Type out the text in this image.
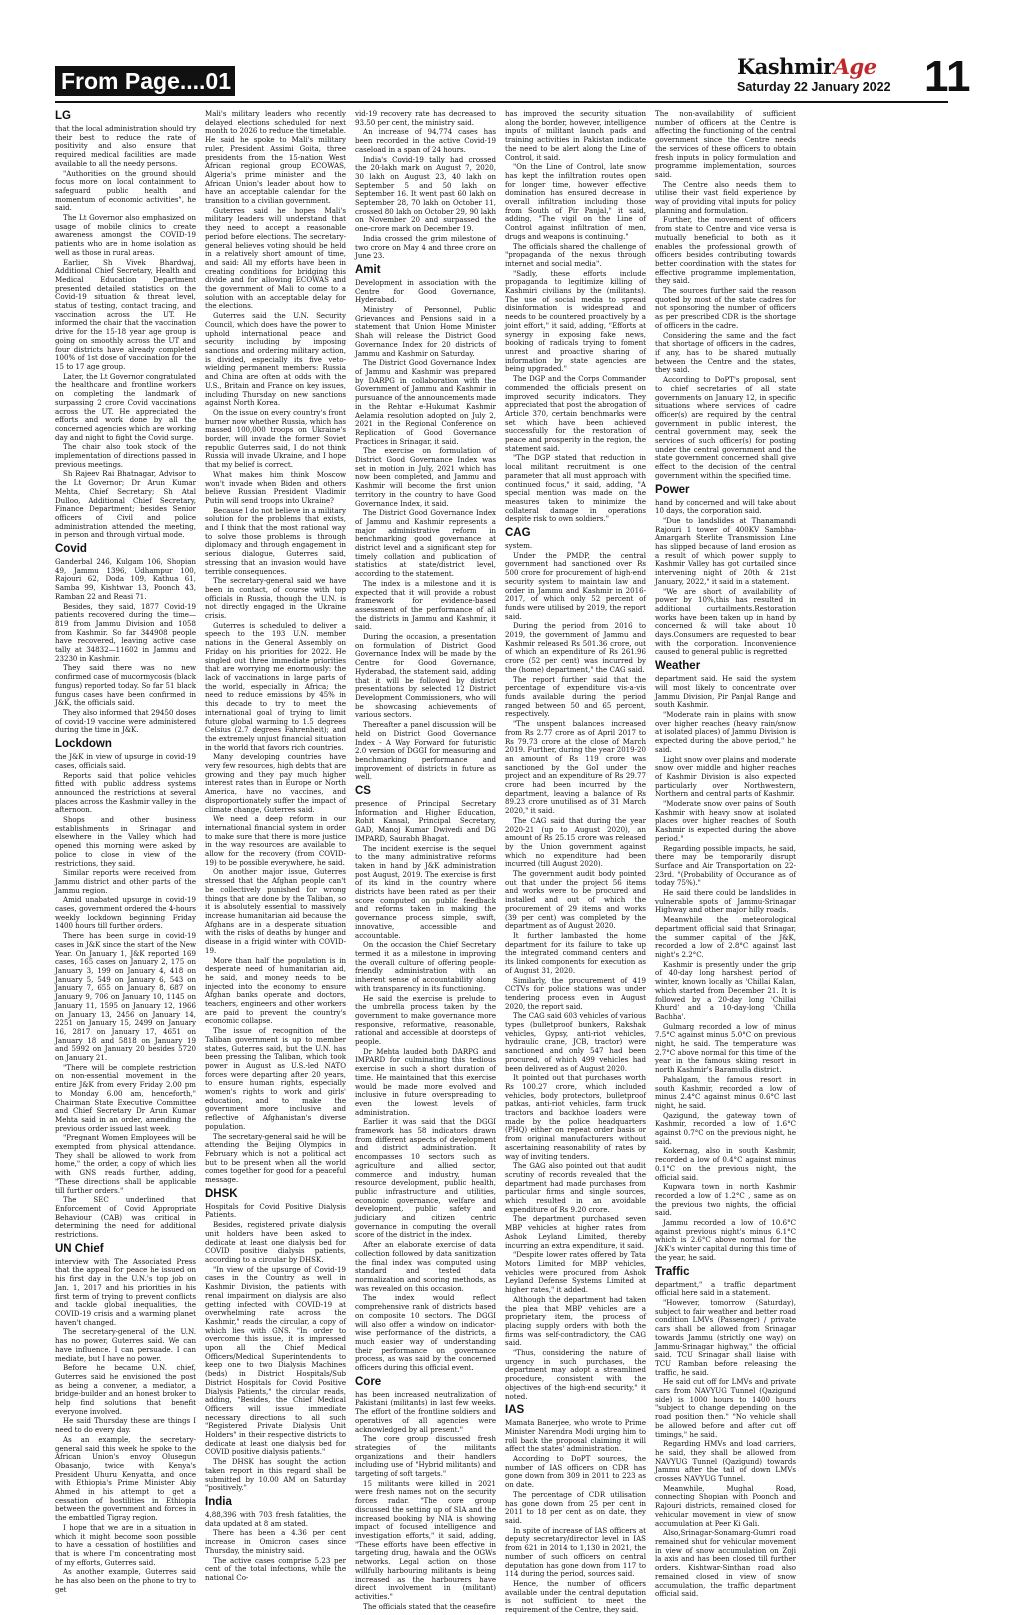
From Page....01
KashmirAge
Saturday 22 January 2022 11
LG

that the local administration should try their best to reduce the rate of positivity and also ensure that required medical facilities are made available to all the needy persons.

"Authorities on the ground should focus more on local containment to safeguard public health and momentum of economic activities", he said.

The Lt Governor also emphasized on usage of mobile clinics to create awareness amongst the COVID-19 patients who are in home isolation as well as those in rural areas.

Earlier, Sh Vivek Bhardwaj, Additional Chief Secretary, Health and Medical Education Department presented detailed statistics on the Covid-19 situation & threat level, status of testing, contact tracing, and vaccination across the UT. He informed the chair that the vaccination drive for the 15-18 year age group is going on smoothly across the UT and four districts have already completed 100% of 1st dose of vaccination for the 15 to 17 age group.

Later, the Lt Governor congratulated the healthcare and frontline workers on completing the landmark of surpassing 2 crore Covid vaccinations across the UT. He appreciated the efforts and work done by all the concerned agencies which are working day and night to fight the Covid surge.

The chair also took stock of the implementation of directions passed in previous meetings.

Sh Rajeev Rai Bhatnagar, Advisor to the Lt Governor; Dr Arun Kumar Mehta, Chief Secretary; Sh Atal Dulloo, Additional Chief Secretary, Finance Department; besides Senior officers of Civil and police administration attended the meeting, in person and through virtual mode.

Covid

Ganderbal 246, Kulgam 106, Shopian 49, Jammu 1396, Udhampur 100, Rajouri 62, Doda 109, Kathua 61, Samba 99, Kishtwar 13, Poonch 43, Ramban 22 and Reasi 71.

Besides, they said, 1877 Covid-19 patients recovered during the time—819 from Jammu Division and 1058 from Kashmir. So far 344908 people have recovered, leaving active case tally at 34832—11602 in Jammu and 23230 in Kashmir.

They said there was no new confirmed case of mucormycosis (black fungus) reported today. So far 51 black fungus cases have been confirmed in J&K, the officials said.

They also informed that 29450 doses of covid-19 vaccine were administered during the time in J&K.

Lockdown

the J&K in view of upsurge in covid-19 cases, officials said.

Reports said that police vehicles fitted with public address systems announced the restrictions at several places across the Kashmir valley in the afternoon.

Shops and other business establishments in Srinagar and elsewhere in the Valley which had opened this morning were asked by police to close in view of the restrictions, they said.

Similar reports were received from Jammu district and other parts of the Jammu region.

Amid unabated upsurge in covid-19 cases, government ordered the 4-hours weekly lockdown beginning Friday 1400 hours till further orders.

There has been surge in covid-19 cases in J&K since the start of the New Year. On January 1, J&K reported 169 cases, 165 cases on January 2, 175 on January 3, 199 on January 4, 418 on January 5, 549 on January 6, 543 on January 7, 655 on January 8, 687 on January 9, 706 on January 10, 1145 on January 11, 1595 on January 12, 1966 on January 13, 2456 on January 14, 2251 on January 15, 2499 on January 16, 2817 on January 17, 4651 on January 18 and 5818 on January 19 and 5992 on January 20 besides 5720 on January 21.

"There will be complete restriction on non-essential movement in the entire J&K from every Friday 2.00 pm to Monday 6.00 am, henceforth," Chairman State Executive Committee and Chief Secretary Dr Arun Kumar Mehta said in an order, amending the previous order issued last week.

"Pregnant Women Employees will be exempted from physical attendance. They shall be allowed to work from home," the order, a copy of which lies with GNS reads further, adding, "These directions shall be applicable till further orders."

The SEC underlined that Enforcement of Covid Appropriate Behaviour (CAB) was critical in determining the need for additional restrictions.

UN Chief

interview with The Associated Press that the appeal for peace he issued on his first day in the U.N.'s top job on Jan. 1, 2017 and his priorities in his first term of trying to prevent conflicts and tackle global inequalities, the COVID-19 crisis and a warming planet haven't changed.

The secretary-general of the U.N. has no power, Guterres said. We can have influence. I can persuade. I can mediate, but I have no power.

Before he became U.N. chief, Guterres said he envisioned the post as being a convener, a mediator, a bridge-builder and an honest broker to help find solutions that benefit everyone involved.

He said Thursday these are things I need to do every day.

As an example, the secretary-general said this week he spoke to the African Union's envoy Olusegun Obasanjo, twice with Kenya's President Uhuru Kenyatta, and once with Ethiopia's Prime Minister Abiy Ahmed in his attempt to get a cessation of hostilities in Ethiopia between the government and forces in the embattled Tigray region.

I hope that we are in a situation in which it might become soon possible to have a cessation of hostilities and that is where I'm concentrating most of my efforts, Guterres said.

As another example, Guterres said he has also been on the phone to try to get

Mali's military leaders who recently delayed elections scheduled for next month to 2026 to reduce the timetable. He said he spoke to Mali's military ruler, President Assimi Goita, three presidents from the 15-nation West African regional group ECOWAS, Algeria's prime minister and the African Union's leader about how to have an acceptable calendar for the transition to a civilian government.

Guterres said he hopes Mali's military leaders will understand that they need to accept a reasonable period before elections. The secretary-general believes voting should be held in a relatively short amount of time, and said: All my efforts have been in creating conditions for bridging this divide and for allowing ECOWAS and the government of Mali to come to a solution with an acceptable delay for the elections.

Guterres said the U.N. Security Council, which does have the power to uphold international peace and security including by imposing sanctions and ordering military action, is divided, especially its five veto-wielding permanent members: Russia and China are often at odds with the U.S., Britain and France on key issues, including Thursday on new sanctions against North Korea.

On the issue on every country's front burner now whether Russia, which has massed 100,000 troops on Ukraine's border, will invade the former Soviet republic Guterres said, I do not think Russia will invade Ukraine, and I hope that my belief is correct.

What makes him think Moscow won't invade when Biden and others believe Russian President Vladimir Putin will send troops into Ukraine?

Because I do not believe in a military solution for the problems that exists, and I think that the most rational way to solve those problems is through diplomacy and through engagement in serious dialogue, Guterres said, stressing that an invasion would have terrible consequences.

The secretary-general said we have been in contact, of course with top officials in Russia, though the U.N. is not directly engaged in the Ukraine crisis.

Guterres is scheduled to deliver a speech to the 193 U.N. member nations in the General Assembly on Friday on his priorities for 2022. He singled out three immediate priorities that are worrying me enormously: the lack of vaccinations in large parts of the world, especially in Africa; the need to reduce emissions by 45% in this decade to try to meet the international goal of trying to limit future global warming to 1.5 degrees Celsius (2.7 degrees Fahrenheit); and the extremely unjust financial situation in the world that favors rich countries.

Many developing countries have very few resources, high debts that are growing and they pay much higher interest rates than in Europe or North America, have no vaccines, and disproportionately suffer the impact of climate change, Guterres said.

We need a deep reform in our international financial system in order to make sure that there is more justice in the way resources are available to allow for the recovery (from COVID-19) to be possible everywhere, he said.

On another major issue, Guterres stressed that the Afghan people can't be collectively punished for wrong things that are done by the Taliban, so it is absolutely essential to massively increase humanitarian aid because the Afghans are in a desperate situation with the risks of deaths by hunger and disease in a frigid winter with COVID-19.

More than half the population is in desperate need of humanitarian aid, he said, and money needs to be injected into the economy to ensure Afghan banks operate and doctors, teachers, engineers and other workers are paid to prevent the country's economic collapse.

The issue of recognition of the Taliban government is up to member states, Guterres said, but the U.N. has been pressing the Taliban, which took power in August as U.S.-led NATO forces were departing after 20 years, to ensure human rights, especially women's rights to work and girls' education, and to make the government more inclusive and reflective of Afghanistan's diverse population.

The secretary-general said he will be attending the Beijing Olympics in February which is not a political act but to be present when all the world comes together for good for a peaceful message.

DHSK

Hospitals for Covid Positive Dialysis Patients.

Besides, registered private dialysis unit holders have been asked to dedicate at least one dialysis bed for COVID positive dialysis patients, according to a circular by DHSK.

"In view of the upsurge of Covid-19 cases in the Country as well in Kashmir Division, the patients with renal impairment on dialysis are also getting infected with COVID-19 at overwhelming rate across the Kashmir," reads the circular, a copy of which lies with GNS. "In order to overcome this issue, it is impressed upon all the Chief Medical Officers/Medical Superintendents to keep one to two Dialysis Machines (beds) in District Hospitals/Sub District Hospitals for Covid Positive Dialysis Patients," the circular reads, adding, "Besides, the Chief Medical Officers will issue immediate necessary directions to all such "Registered Private Dialysis Unit Holders" in their respective districts to dedicate at least one dialysis bed for COVID positive dialysis patients."

The DHSK has sought the action taken report in this regard shall be submitted by 10.00 AM on Saturday "positively."

India

4,88,396 with 703 fresh fatalities, the data updated at 8 am stated.

There has been a 4.36 per cent increase in Omicron cases since Thursday, the ministry said.

The active cases comprise 5.23 per cent of the total infections, while the national Co-

vid-19 recovery rate has decreased to 93.50 per cent, the ministry said.

An increase of 94,774 cases has been recorded in the active Covid-19 caseload in a span of 24 hours.

India's Covid-19 tally had crossed the 20-lakh mark on August 7, 2020, 30 lakh on August 23, 40 lakh on September 5 and 50 lakh on September 16. It went past 60 lakh on September 28, 70 lakh on October 11, crossed 80 lakh on October 29, 90 lakh on November 20 and surpassed the one-crore mark on December 19.

India crossed the grim milestone of two crore on May 4 and three crore on June 23.

Amit

Development in association with the Centre for Good Governance, Hyderabad.

Ministry of Personnel, Public Grievances and Pensions said in a statement that Union Home Minister Shah will release the District Good Governance Index for 20 districts of Jammu and Kashmir on Saturday.

The District Good Governance Index of Jammu and Kashmir was prepared by DARPG in collaboration with the Government of Jammu and Kashmir in pursuance of the announcements made in the Rehtar e-Hukumat Kashmir Aelamia resolution adopted on July 2, 2021 in the Regional Conference on Replication of Good Governance Practices in Srinagar, it said.

The exercise on formulation of District Good Governance Index was set in motion in July, 2021 which has now been completed, and Jammu and Kashmir will become the first union territory in the country to have Good Governance Index, it said.

The District Good Governance Index of Jammu and Kashmir represents a major administrative reform in benchmarking good governance at district level and a significant step for timely collation and publication of statistics at state/district level, according to the statement.

The index is a milestone and it is expected that it will provide a robust framework for evidence-based assessment of the performance of all the districts in Jammu and Kashmir, it said.

During the occasion, a presentation on formulation of District Good Governance Index will be made by the Centre for Good Governance, Hyderabad, the statement said, adding that it will be followed by district presentations by selected 12 District Development Commissioners, who will be showcasing achievements of various sectors.

Thereafter a panel discussion will be held on District Good Governance Index - A Way Forward for futuristic 2.0 version of DGGI for measuring and benchmarking performance and improvement of districts in future as well.

CS

presence of Principal Secretary Information and Higher Education, Rohit Kansal, Principal Secretary, GAD, Manoj Kumar Dwivedi and DG IMPARD, Saurabh Bhagat.

The incident exercise is the sequel to the many administrative reforms taken in hand by J&K administration post August, 2019. The exercise is first of its kind in the country where districts have been rated as per their score computed on public feedback and reforms taken in making the governance process simple, swift, innovative, accessible and accountable.

On the occasion the Chief Secretary termed it as a milestone in improving the overall culture of offering people-friendly administration with an inherent sense of accountability along with transparency in its functioning.

He said the exercise is prelude to the umbrella process taken by the government to make governance more responsive, reformative, reasonable, rational and accessible at doorsteps of people.

Dr Mehta lauded both DARPG and IMPARD for culminating this tedious exercise in such a short duration of time. He maintained that this exercise would be made more evolved and inclusive in future overspreading to even the lowest levels of administration.

Earlier it was said that the DGGI framework has 58 indicators drawn from different aspects of development and district administration. It encompasses 10 sectors such as agriculture and allied sector, commerce and industry, human resource development, public health, public infrastructure and utilities, economic governance, welfare and development, public safety and judiciary and citizen centric governance in computing the overall score of the district in the index.

After an elaborate exercise of data collection followed by data sanitization the final index was computed using standard and tested data normalization and scoring methods, as was revealed on this occasion.

The index would reflect comprehensive rank of districts based on composite 10 sectors. The DGGI will also offer a window on indicator-wise performance of the districts, a much easier way of understanding their performance on governance process, as was said by the concerned officers during this official event.

Core

has been increased neutralization of Pakistani (militants) in last few weeks. The effort of the frontline soldiers and operatives of all agencies were acknowledged by all present."

The core group discussed fresh strategies of the militants organizations and their handlers including use of "Hybrid militants) and targeting of soft targets."

15 militants were killed in 2021 were fresh names not on the security forces radar. "The core group discussed the setting up of SIA and the increased booking by NIA is showing impact of focused intelligence and investigation efforts," it said, adding, "These efforts have been effective in targeting drug, hawala and the OGWs networks. Legal action on those willfully harbouring militants is being increased as the harbourers have direct involvement in (militant) activities."

The officials stated that the ceasefire

has improved the security situation along the border, however, intelligence inputs of militant launch pads and training activities in Pakistan indicate the need to be alert along the Line of Control, it said.

"On the Line of Control, late snow has kept the infiltration routes open for longer time, however effective domination has ensured decrease in overall infiltration including those from South of Pir Panjal," it said, adding, "The vigil on the Line of Control against infiltration of men, drugs and weapons is continuing."

The officials shared the challenge of "propaganda of the nexus through internet and social media".

"Sadly, these efforts include propaganda to legitimize killing of Kashmiri civilians by the (militants). The use of social media to spread disinformation is widespread and needs to be countered proactively by a joint effort," it said, adding, "Efforts at synergy in exposing fake news, booking of radicals trying to foment unrest and proactive sharing of information by state agencies are being upgraded."

The DGP and the Corps Commander commended the officials present on improved security indicators. They appreciated that post the abrogation of Article 370, certain benchmarks were set which have been achieved successfully for the restoration of peace and prosperity in the region, the statement said.

"The DGP stated that reduction in local militant recruitment is one parameter that all must approach with continued focus," it said, adding, "A special mention was made on the measures taken to minimize the collateral damage in operations despite risk to own soldiers."

CAG

system.

Under the PMDP, the central government had sanctioned over Rs 500 crore for procurement of high-end security system to maintain law and order in Jammu and Kashmir in 2016-2017, of which only 52 percent of funds were utilised by 2019, the report said.

During the period from 2016 to 2019, the government of Jammu and Kashmir released Rs 501.36 crore, out of which an expenditure of Rs 261.96 crore (52 per cent) was incurred by the (home) department," the CAG said.

The report further said that the percentage of expenditure vis-a-vis funds available during the period ranged between 50 and 65 percent, respectively.

"The unspent balances increased from Rs 2.77 crore as of April 2017 to Rs 79.73 crore at the close of March 2019. Further, during the year 2019-20 an amount of Rs 119 crore was sanctioned by the GoI under the project and an expenditure of Rs 29.77 crore had been incurred by the department, leaving a balance of Rs 89.23 crore unutilised as of 31 March 2020," it said.

The CAG said that during the year 2020-21 (up to August 2020), an amount of Rs 25.15 crore was released by the Union government against which no expenditure had been incurred (till August 2020).

The government audit body pointed out that under the project 56 items and works were to be procured and installed and out of which the procurement of 29 items and works (39 per cent) was completed by the department as of August 2020.

It further lambasted the home department for its failure to take up the integrated command centers and its linked components for execution as of August 31, 2020.

Similarly, the procurement of 419 CCTVs for police stations was under tendering process even in August 2020, the report said.

The CAG said 603 vehicles of various types (bulletproof bunkers, Rakshak vehicles, Gypsy, anti-riot vehicles, hydraulic crane, JCB, tractor) were sanctioned and only 547 had been procured, of which 499 vehicles had been delivered as of August 2020.

It pointed out that purchases worth Rs 100.27 crore, which included vehicles, body protectors, bulletproof patkas, anti-riot vehicles, farm truck tractors and backhoe loaders were made by the police headquarters (PHQ) either on repeat order basis or from original manufacturers without ascertaining reasonability of rates by way of inviting tenders.

The GAG also pointed out that audit scrutiny of records revealed that the department had made purchases from particular firms and single sources, which resulted in an avoidable expenditure of Rs 9.20 crore.

The department purchased seven MBP vehicles at higher rates from Ashok Leyland Limited, thereby incurring an extra expenditure, it said.

"Despite lower rates offered by Tata Motors Limited for MBP vehicles, vehicles were procured from Ashok Leyland Defense Systems Limited at higher rates," it added.

Although the department had taken the plea that MBP vehicles are a proprietary item, the process of placing supply orders with both the firms was self-contradictory, the CAG said.

"Thus, considering the nature of urgency in such purchases, the department may adopt a streamlined procedure, consistent with the objectives of the high-end security," it noted.

IAS

Mamata Banerjee, who wrote to Prime Minister Narendra Modi urging him to roll back the proposal claiming it will affect the states' administration.

According to DoPT sources, the number of IAS officers on CDR has gone down from 309 in 2011 to 223 as on date.

The percentage of CDR utilisation has gone down from 25 per cent in 2011 to 18 per cent as on date, they said.

In spite of increase of IAS officers at deputy secretary/director level in IAS from 621 in 2014 to 1,130 in 2021, the number of such officers on central deputation has gone down from 117 to 114 during the period, sources said.

Hence, the number of officers available under the central deputation is not sufficient to meet the requirement of the Centre, they said.

The non-availability of sufficient number of officers at the Centre is affecting the functioning of the central government since the Centre needs the services of these officers to obtain fresh inputs in policy formulation and programme implementation, sources said.

The Centre also needs them to utilise their vast field experience by way of providing vital inputs for policy planning and formulation.

Further, the movement of officers from state to Centre and vice versa is mutually beneficial to both as it enables the professional growth of officers besides contributing towards better coordination with the states for effective programme implementation, they said.

The sources further said the reason quoted by most of the state cadres for not sponsoring the number of officers as per prescribed CDR is the shortage of officers in the cadre.

Considering the same and the fact that shortage of officers in the cadres, if any, has to be shared mutually between the Centre and the states, they said.

According to DoPT's proposal, sent to chief secretaries of all state governments on January 12, in specific situations where services of cadre officer(s) are required by the central government in public interest, the central government may, seek the services of such officer(s) for posting under the central government and the state government concerned shall give effect to the decision of the central government within the specified time.

Power

hand by concerned and will take about 10 days, the corporation said.

"Due to landslides at Thanamandi Rajouri 1 tower of 400KV Sambha-Amargarh Sterlite Transmission Line has slipped because of land erosion as a result of which power supply to Kashmir Valley has got curtailed since intervening night of 20th & 21st January, 2022," it said in a statement.

"We are short of availability of power by 10%,this has resulted in additional curtailments.Restoration works have been taken up in hand by concerned & will take about 10 days.Consumers are requested to bear with the corporation. Inconvenience caused to general public is regretted

Weather

department said. He said the system will most likely to concentrate over Jammu Division, Pir Panjal Range and south Kashmir.

"Moderate rain in plains with snow over higher reaches (heavy rain/snow at isolated places) of Jammu Division is expected during the above period," he said.

Light snow over plains and moderate snow over middle and higher reaches of Kashmir Division is also expected particularly over Northwestern, Northern and central parts of Kashmir.

"Moderate snow over pains of South Kashmir with heavy snow at isolated places over higher reaches of South Kashmir is expected during the above period."

Regarding possible impacts, he said, there may be temporarily disrupt Surface and Air Transportation on 22-23rd. "(Probability of Occurance as of today 75%)."

He said there could be landslides in vulnerable spots of Jammu-Srinagar Highway and other major hilly roads.

Meanwhile the meteorological department official said that Srinagar, the summer capital of the J&K, recorded a low of 2.8°C against last night's 2.2°C.

Kashmir is presently under the grip of 40-day long harshest period of winter, known locally as 'Chillai Kalan, which started from December 21. It is followed by a 20-day long 'Chillai Khurd' and a 10-day-long 'Chilla Bachha'.

Gulmarg recorded a low of minus 7.5°C against minus 5.0°C on previous night, he said. The temperature was 2.7°C above normal for this time of the year in the famous skiing resort in north Kashmir's Baramulla district.

Pahalgam, the famous resort in south Kashmir, recorded a low of minus 2.4°C against minus 0.6°C last night, he said.

Qazigund, the gateway town of Kashmir, recorded a low of 1.6°C against 0.7°C on the previous night, he said.

Kokernag, also in south Kashmir, recorded a low of 0.4°C against minus 0.1°C on the previous night, the official said.

Kupwara town in north Kashmir recorded a low of 1.2°C , same as on the previous two nights, the official said.

Jammu recorded a low of 10.6°C against previous night's minus 6.1°C which is 2.6°C above normal for the J&K's winter capital during this time of the year, he said.

Traffic

department," a traffic department official here said in a statement.

"However, tomorrow (Saturday), subject to fair weather and better road condition LMVs (Passenger) / private cars shall be allowed from Srinagar towards Jammu (strictly one way) on Jammu-Srinagar highway," the official said. TCU Srinagar shall liaise with TCU Ramban before releasing the traffic, he said.

He said cut off for LMVs and private cars from NAVYUG Tunnel (Qazigund side) is 1000 hours to 1400 hours "subject to change depending on the road position then." "No vehicle shall be allowed before and after cut off timings," he said.

Regarding HMVs and load carriers, he said, they shall be allowed from NAVYUG Tunnel (Qazigund) towards Jammu after the tail of down LMVs crosses NAVYUG Tunnel.

Meanwhile, Mughal Road, connecting Shopian with Poonch and Rajouri districts, remained closed for vehicular movement in view of snow accumulation at Peer Ki Gali.

Also,Srinagar-Sonamarg-Gumri road remained shut for vehicular movement in view of snow accumulation on Zoji la axis and has been closed till further orders. Kishtwar-Sinthan road also remained closed in view of snow accumulation, the traffic department official said.
